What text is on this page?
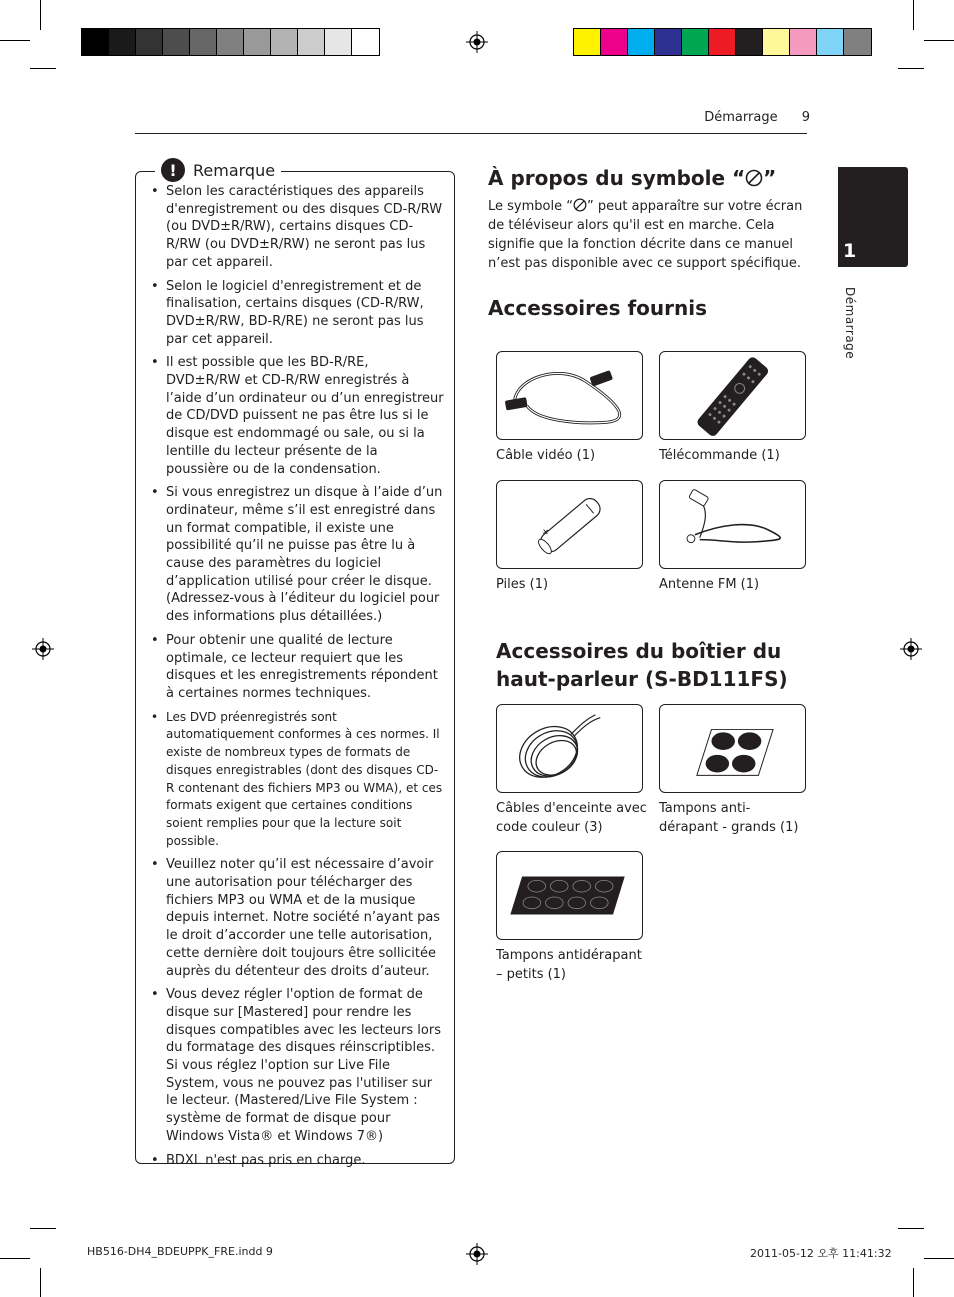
Démarrage 9
1
Démarrage
!	Remarque
• Selon les caractéristiques des appareils d'enregistrement ou des disques CD-R/RW (ou DVD±R/RW), certains disques CD-R/RW (ou DVD±R/RW) ne seront pas lus par cet appareil.
• Selon le logiciel d'enregistrement et de finalisation, certains disques (CD-R/RW, DVD±R/RW, BD-R/RE) ne seront pas lus par cet appareil.
• Il est possible que les BD-R/RE, DVD±R/RW et CD-R/RW enregistrés à l’aide d’un ordinateur ou d’un enregistreur de CD/DVD puissent ne pas être lus si le disque est endommagé ou sale, ou si la lentille du lecteur présente de la poussière ou de la condensation.
• Si vous enregistrez un disque à l’aide d’un ordinateur, même s’il est enregistré dans un format compatible, il existe une possibilité qu’il ne puisse pas être lu à cause des paramètres du logiciel d’application utilisé pour créer le disque. (Adressez-vous à l’éditeur du logiciel pour des informations plus détaillées.)
• Pour obtenir une qualité de lecture optimale, ce lecteur requiert que les disques et les enregistrements répondent à certaines normes techniques.
• Les DVD préenregistrés sont automatiquement conformes à ces normes. Il existe de nombreux types de formats de disques enregistrables (dont des disques CD-R contenant des fichiers MP3 ou WMA), et ces formats exigent que certaines conditions soient remplies pour que la lecture soit possible.
• Veuillez noter qu’il est nécessaire d’avoir une autorisation pour télécharger des fichiers MP3 ou WMA et de la musique depuis internet. Notre société n’ayant pas le droit d’accorder une telle autorisation, cette dernière doit toujours être sollicitée auprès du détenteur des droits d’auteur.
• Vous devez régler l'option de format de disque sur [Mastered] pour rendre les disques compatibles avec les lecteurs lors du formatage des disques réinscriptibles. Si vous réglez l'option sur Live File System, vous ne pouvez pas l'utiliser sur le lecteur. (Mastered/Live File System : système de format de disque pour Windows Vista® et Windows 7®)
• BDXL n'est pas pris en charge.
À propos du symbole “ ”
Le symbole “ ” peut apparaître sur votre écran de téléviseur alors qu'il est en marche. Cela signifie que la fonction décrite dans ce manuel n’est pas disponible avec ce support spécifique.
Accessoires fournis
Câble vidéo (1)	Télécommande (1)
+
Piles (1)	Antenne FM (1)
Accessoires du boîtier du
haut-parleur (S-BD111FS)
Câbles d'enceinte avec
code couleur (3)
Tampons anti-
dérapant - grands (1)
Tampons antidérapant
– petits (1)
HB516-DH4_BDEUPPK_FRE.indd 9	2011-05-12 오후 11:41:32
